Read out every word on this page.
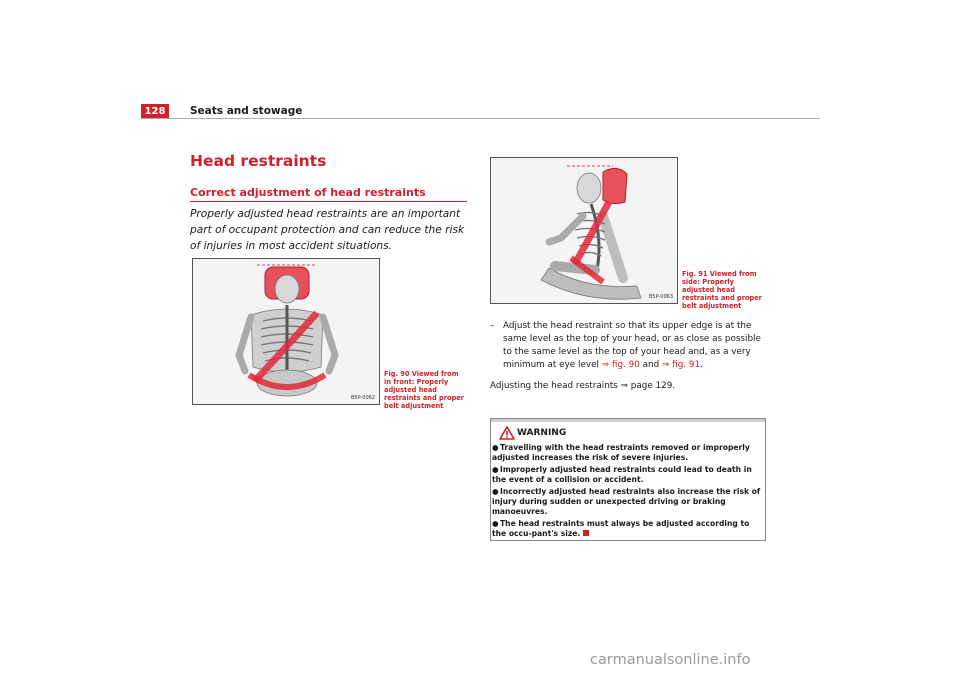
128	Seats and stowage
Head restraints
Correct adjustment of head restraints
Properly adjusted head restraints are an important part of occupant protection and can reduce the risk of injuries in most accident situations.
B5P-0062
Fig. 90 Viewed from in front: Properly adjusted head restraints and proper belt adjustment
B5P-0063
Fig. 91 Viewed from side: Properly adjusted head restraints and proper belt adjustment
– Adjust the head restraint so that its upper edge is at the same level as the top of your head, or as close as possible to the same level as the top of your head and, as a very minimum at eye level ⇒ fig. 90 and ⇒ fig. 91.
Adjusting the head restraints ⇒ page 129.
WARNING
●Travelling with the head restraints removed or improperly adjusted increases the risk of severe injuries.
●Improperly adjusted head restraints could lead to death in the event of a collision or accident.
●Incorrectly adjusted head restraints also increase the risk of injury during sudden or unexpected driving or braking manoeuvres.
●The head restraints must always be adjusted according to the occu-pant's size.
carmanualsonline.info
